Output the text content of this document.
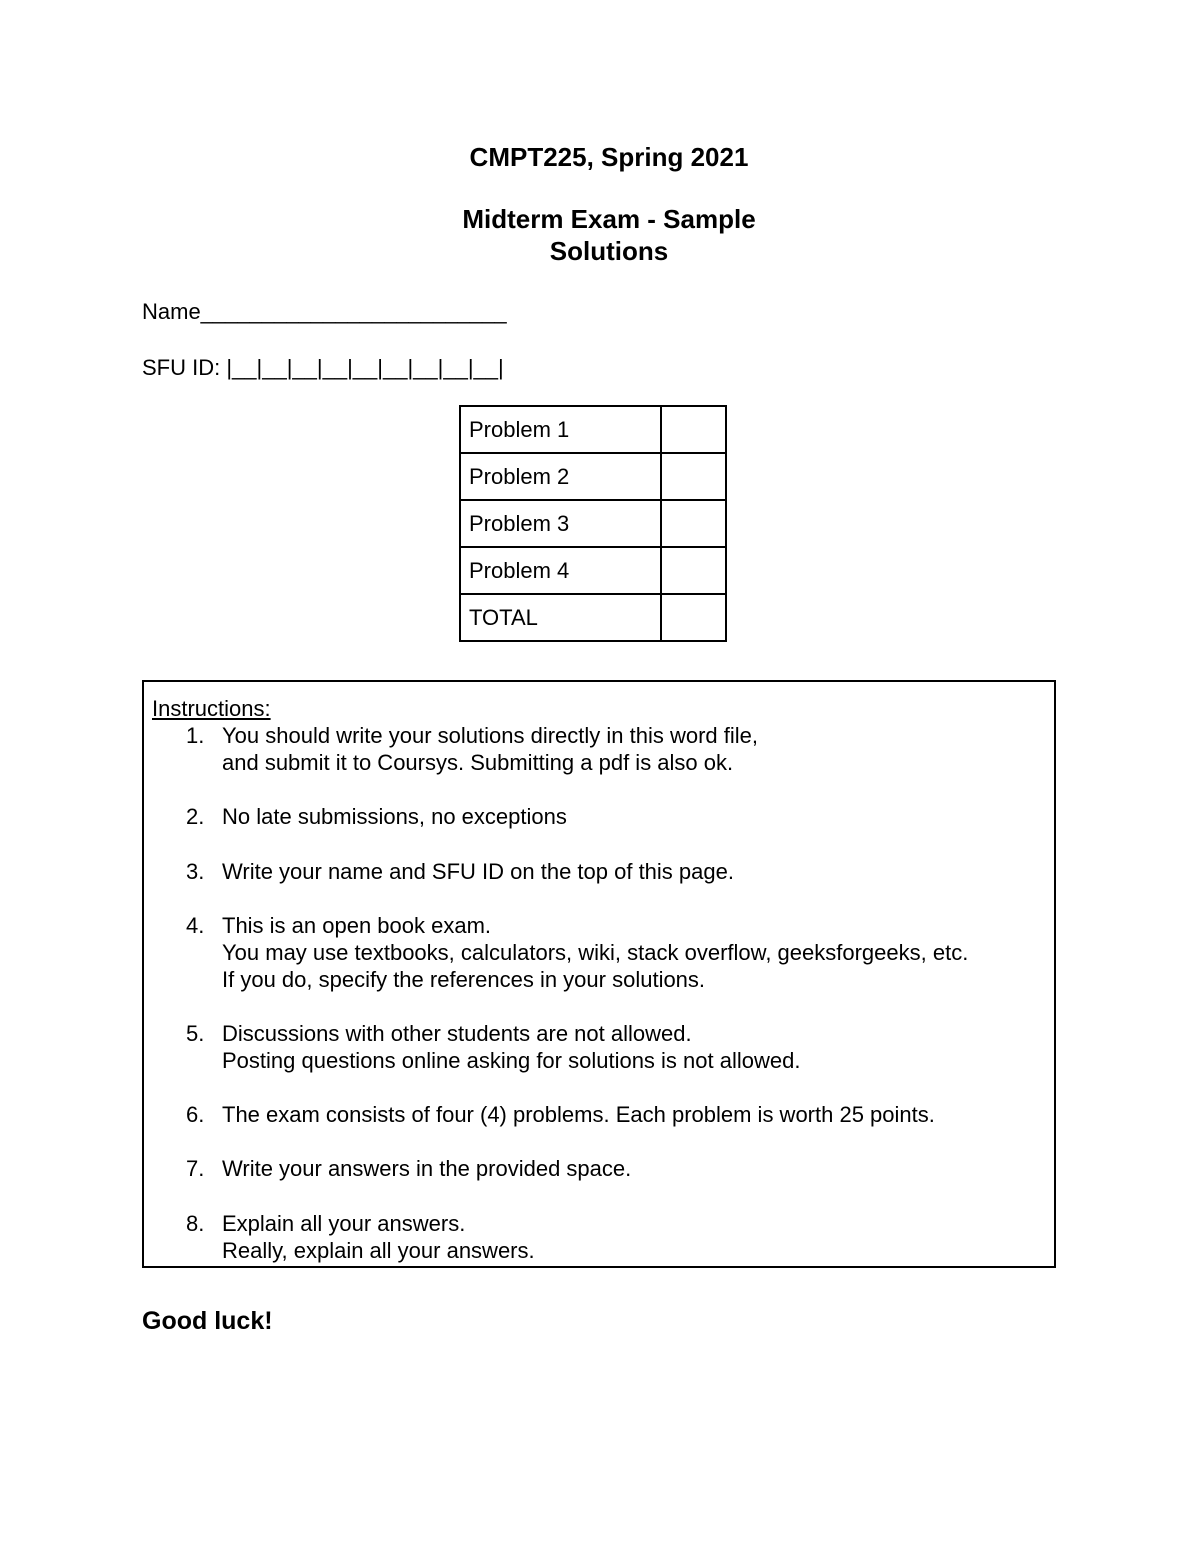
CMPT225, Spring 2021
Midterm Exam - Sample
Solutions
Name_________________________
SFU ID: |__|__|__|__|__|__|__|__|__|
Problem 1	
Problem 2	
Problem 3	
Problem 4	
TOTAL	
Instructions:
1. You should write your solutions directly in this word file,
and submit it to Coursys. Submitting a pdf is also ok.
2. No late submissions, no exceptions
3. Write your name and SFU ID on the top of this page.
4. This is an open book exam.
You may use textbooks, calculators, wiki, stack overflow, geeksforgeeks, etc.
If you do, specify the references in your solutions.
5. Discussions with other students are not allowed.
Posting questions online asking for solutions is not allowed.
6. The exam consists of four (4) problems. Each problem is worth 25 points.
7. Write your answers in the provided space.
8. Explain all your answers.
Really, explain all your answers.
Good luck!
